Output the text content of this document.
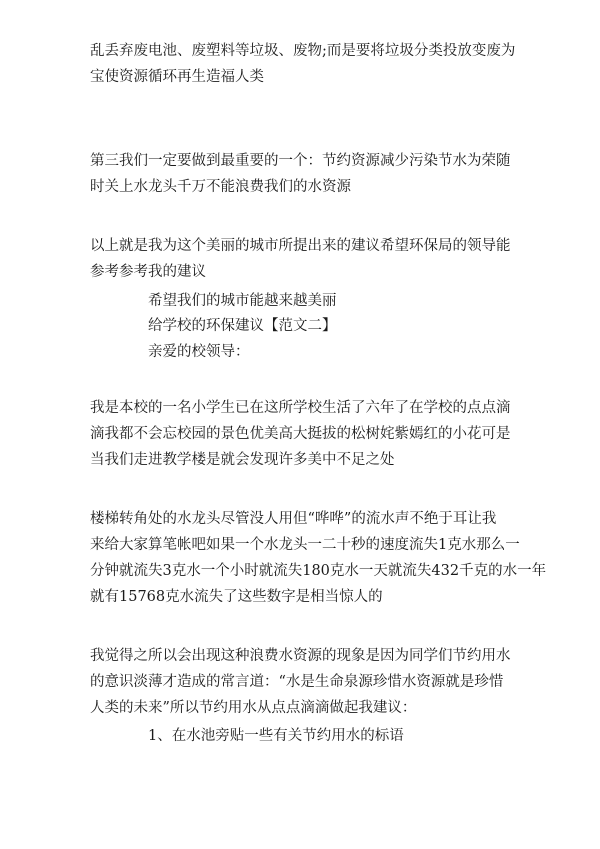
乱丢弃废电池、废塑料等垃圾、废物;而是要将垃圾分类投放变废为
宝使资源循环再生造福人类

第三我们一定要做到最重要的一个：节约资源减少污染节水为荣随
时关上水龙头千万不能浪费我们的水资源

以上就是我为这个美丽的城市所提出来的建议希望环保局的领导能
参考参考我的建议

希望我们的城市能越来越美丽
给学校的环保建议【范文二】
亲爱的校领导：

我是本校的一名小学生已在这所学校生活了六年了在学校的点点滴
滴我都不会忘校园的景色优美高大挺拔的松树姹紫嫣红的小花可是
当我们走进教学楼是就会发现许多美中不足之处

楼梯转角处的水龙头尽管没人用但“哗哗”的流水声不绝于耳让我
来给大家算笔帐吧如果一个水龙头一二十秒的速度流失1克水那么一
分钟就流失3克水一个小时就流失180克水一天就流失432千克的水一年
就有15768克水流失了这些数字是相当惊人的

我觉得之所以会出现这种浪费水资源的现象是因为同学们节约用水
的意识淡薄才造成的常言道：“水是生命泉源珍惜水资源就是珍惜
人类的未来”所以节约用水从点点滴滴做起我建议：

1、在水池旁贴一些有关节约用水的标语
